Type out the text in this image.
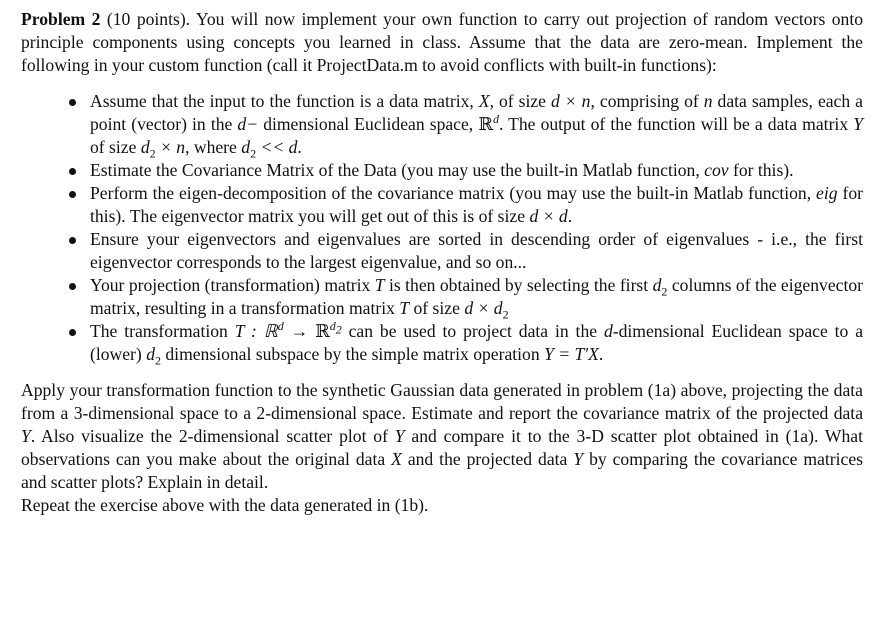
Problem 2 (10 points). You will now implement your own function to carry out projection of random vectors onto principle components using concepts you learned in class. Assume that the data are zero-mean. Implement the following in your custom function (call it ProjectData.m to avoid conflicts with built-in functions):

Assume that the input to the function is a data matrix, X, of size d × n, comprising of n data samples, each a point (vector) in the d− dimensional Euclidean space, ℝ$^d$. The output of the function will be a data matrix Y of size $d_2 \times n$, where $d_2 << d$.
Estimate the Covariance Matrix of the Data (you may use the built-in Matlab function, cov for this).
Perform the eigen-decomposition of the covariance matrix (you may use the built-in Matlab function, eig for this). The eigenvector matrix you will get out of this is of size d × d.
Ensure your eigenvectors and eigenvalues are sorted in descending order of eigenvalues - i.e., the first eigenvector corresponds to the largest eigenvalue, and so on...
Your projection (transformation) matrix T is then obtained by selecting the first $d_2$ columns of the eigenvector matrix, resulting in a transformation matrix T of size $d \times d_2$
The transformation T : ℝ$^d$ → ℝ$^{d_2}$ can be used to project data in the d-dimensional Euclidean space to a (lower) $d_2$ dimensional subspace by the simple matrix operation Y = T′X.

Apply your transformation function to the synthetic Gaussian data generated in problem (1a) above, projecting the data from a 3-dimensional space to a 2-dimensional space. Estimate and report the covariance matrix of the projected data Y. Also visualize the 2-dimensional scatter plot of Y and compare it to the 3-D scatter plot obtained in (1a). What observations can you make about the original data X and the projected data Y by comparing the covariance matrices and scatter plots? Explain in detail.

Repeat the exercise above with the data generated in (1b).
